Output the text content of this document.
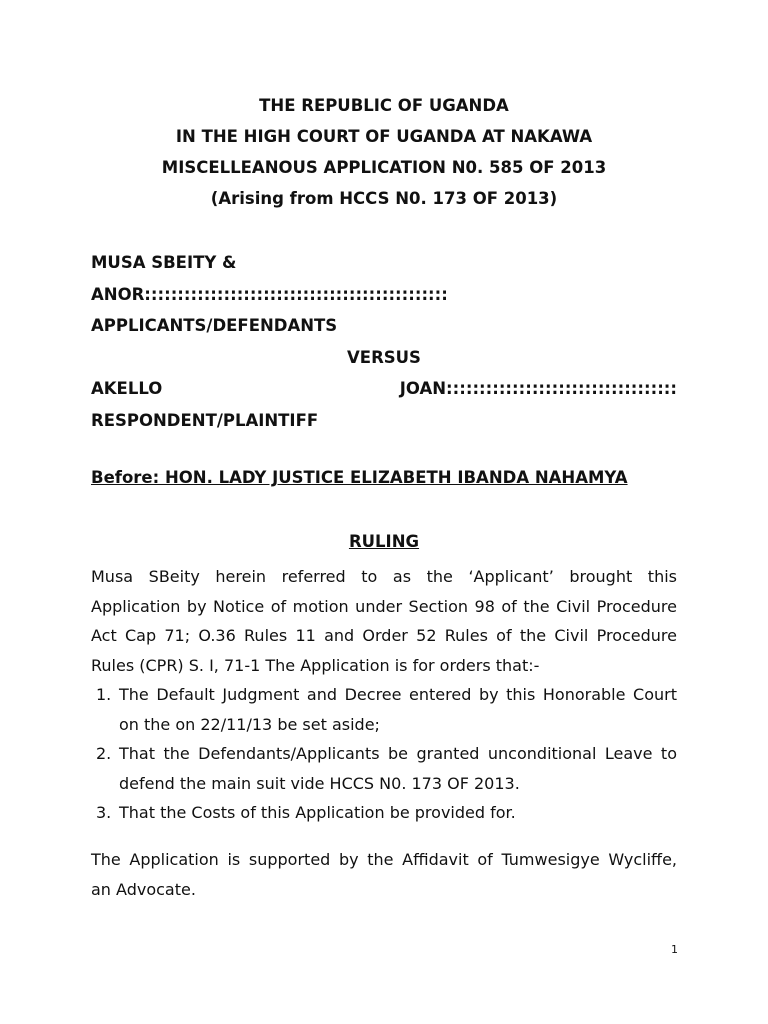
THE REPUBLIC OF UGANDA
IN THE HIGH COURT OF UGANDA AT NAKAWA
MISCELLEANOUS APPLICATION N0. 585 OF 2013
(Arising from HCCS N0. 173 OF 2013)
MUSA SBEITY &
ANOR::::::::::::::::::::::::::::::::::::::::::::::
APPLICANTS/DEFENDANTS
VERSUS
AKELLO	JOAN:::::::::::::::::::::::::::::::::::
RESPONDENT/PLAINTIFF
Before: HON. LADY JUSTICE ELIZABETH IBANDA NAHAMYA
RULING
Musa SBeity herein referred to as the ‘Applicant’ brought this
Application by Notice of motion under Section 98 of the Civil Procedure
Act Cap 71; O.36 Rules 11 and Order 52 Rules of the Civil Procedure
Rules (CPR) S. I, 71-1 The Application is for orders that:-
1. The Default Judgment and Decree entered by this Honorable Court
on the on 22/11/13 be set aside;
2. That the Defendants/Applicants be granted unconditional Leave to
defend the main suit vide HCCS N0. 173 OF 2013.
3. That the Costs of this Application be provided for.
The Application is supported by the Affidavit of Tumwesigye Wycliffe,
an Advocate.
1
